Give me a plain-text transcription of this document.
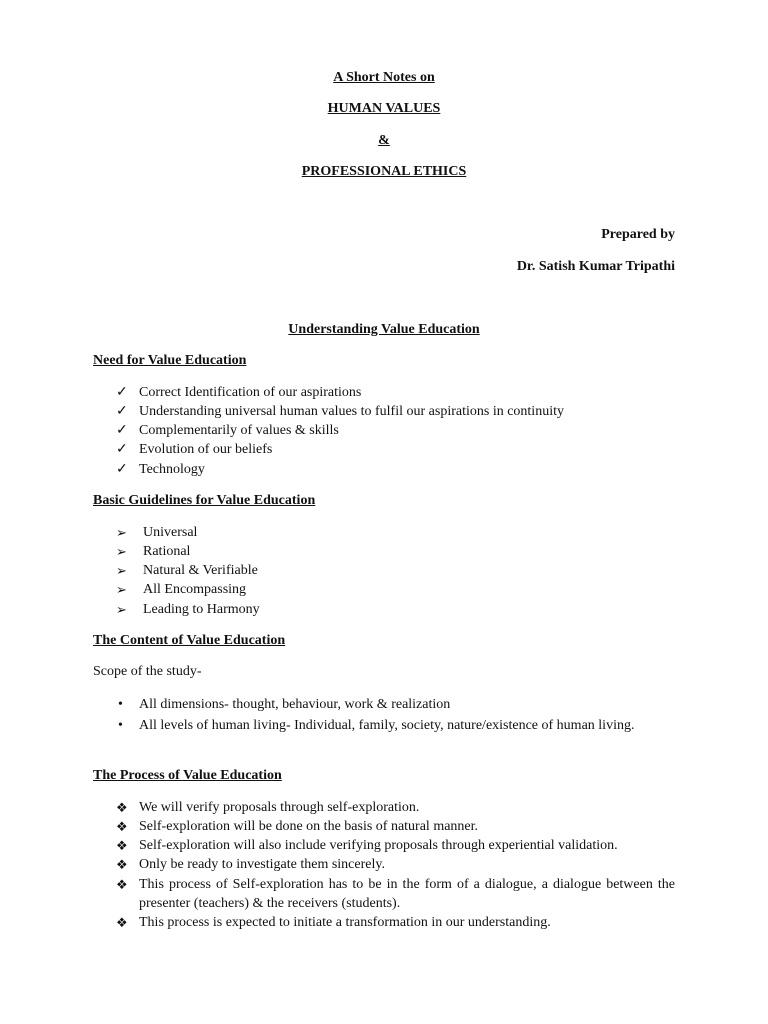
A Short Notes on
HUMAN VALUES
&
PROFESSIONAL ETHICS
Prepared by
Dr. Satish Kumar Tripathi
Understanding Value Education
Need for Value Education
✓ Correct Identification of our aspirations
✓ Understanding universal human values to fulfil our aspirations in continuity
✓ Complementarily of values & skills
✓ Evolution of our beliefs
✓ Technology
Basic Guidelines for Value Education
➢	Universal
➢	Rational
➢	Natural & Verifiable
➢	All Encompassing
➢	Leading to Harmony
The Content of Value Education
Scope of the study-
•	All dimensions- thought, behaviour, work & realization
•	All levels of human living- Individual, family, society, nature/existence of human living.
The Process of Value Education
❖ We will verify proposals through self-exploration.
❖ Self-exploration will be done on the basis of natural manner.
❖ Self-exploration will also include verifying proposals through experiential validation.
❖ Only be ready to investigate them sincerely.
❖ This process of Self-exploration has to be in the form of a dialogue, a dialogue between the presenter (teachers) & the receivers (students).
❖ This process is expected to initiate a transformation in our understanding.
